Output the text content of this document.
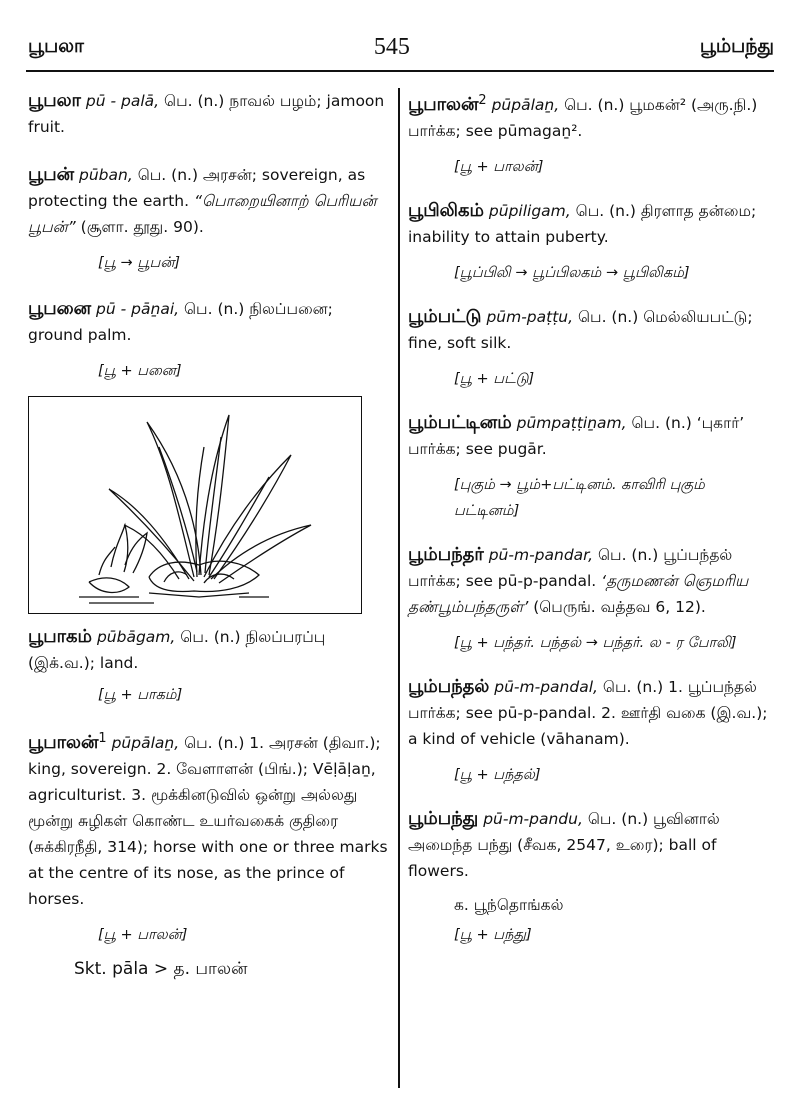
பூபலா	545	பூம்பந்து

பூபலா pū - palā, பெ. (n.) நாவல் பழம்; jamoon fruit.

பூபன் pūban, பெ. (n.) அரசன்; sovereign, as protecting the earth. “பொறையினாற் பெரியன் பூபன்” (சூளா. தூது. 90).

[பூ → பூபன்]

பூபனை pū - pāṉai, பெ. (n.) நிலப்பனை; ground palm.

[பூ + பனை]

பூபாகம் pūbāgam, பெ. (n.) நிலப்பரப்பு (இக்.வ.); land.

[பூ + பாகம்]

பூபாலன்$^1$ pūpālaṉ, பெ. (n.) 1. அரசன் (திவா.); king, sovereign. 2. வேளாளன் (பிங்.); Vēḷāḷaṉ, agriculturist. 3. மூக்கினடுவில் ஒன்று அல்லது மூன்று சுழிகள் கொண்ட உயர்வகைக் குதிரை (சுக்கிரநீதி, 314); horse with one or three marks at the centre of its nose, as the prince of horses.

[பூ + பாலன்]
Skt. pāla > த. பாலன்

பூபாலன்$^2$ pūpālaṉ, பெ. (n.) பூமகன்² (அரு.நி.) பார்க்க; see pūmagaṉ².

[பூ + பாலன்]

பூபிலிகம் pūpiligam, பெ. (n.) திரளாத தன்மை; inability to attain puberty.

[பூப்பிலி → பூப்பிலகம் → பூபிலிகம்]

பூம்பட்டு pūm-paṭṭu, பெ. (n.) மெல்லியபட்டு; fine, soft silk.

[பூ + பட்டு]

பூம்பட்டினம் pūmpaṭṭiṉam, பெ. (n.) ‘புகார்’ பார்க்க; see pugār.

[புகும் → பூம்+பட்டினம். காவிரி புகும் பட்டினம்]

பூம்பந்தர் pū-m-pandar, பெ. (n.) பூப்பந்தல் பார்க்க; see pū-p-pandal. ‘தருமணன் ஞெமரிய தண்பூம்பந்தருள்’ (பெருங். வத்தவ 6, 12).

[பூ + பந்தர். பந்தல் → பந்தர். ல - ர போலி]

பூம்பந்தல் pū-m-pandal, பெ. (n.) 1. பூப்பந்தல் பார்க்க; see pū-p-pandal. 2. ஊர்தி வகை (இ.வ.); a kind of vehicle (vāhanam).

[பூ + பந்தல்]

பூம்பந்து pū-m-pandu, பெ. (n.) பூவினால் அமைந்த பந்து (சீவக, 2547, உரை); ball of flowers.

க. பூந்தொங்கல்
[பூ + பந்து]
